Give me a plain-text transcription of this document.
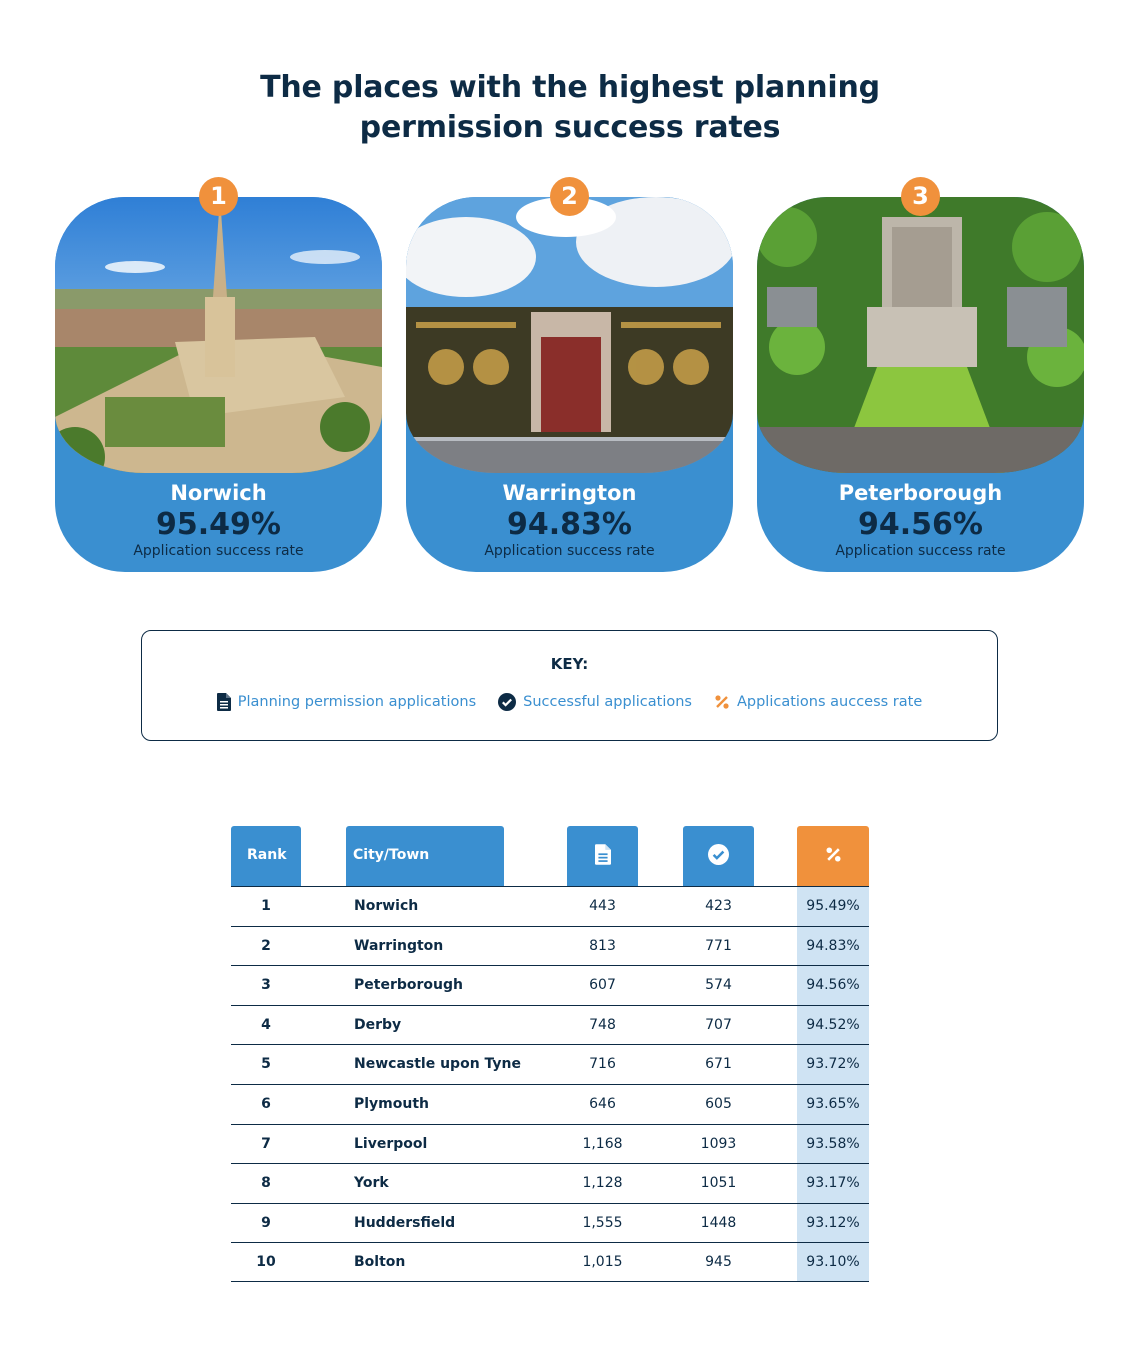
The places with the highest planning
permission success rates
1
Norwich
95.49%
Application success rate
2
Warrington
94.83%
Application success rate
3
Peterborough
94.56%
Application success rate
KEY:
Planning permission applications	Successful applications	Applications auccess rate
Rank	City/Town
1	Norwich	443	423	95.49%
2	Warrington	813	771	94.83%
3	Peterborough	607	574	94.56%
4	Derby	748	707	94.52%
5	Newcastle upon Tyne	716	671	93.72%
6	Plymouth	646	605	93.65%
7	Liverpool	1,168	1093	93.58%
8	York	1,128	1051	93.17%
9	Huddersfield	1,555	1448	93.12%
10	Bolton	1,015	945	93.10%
